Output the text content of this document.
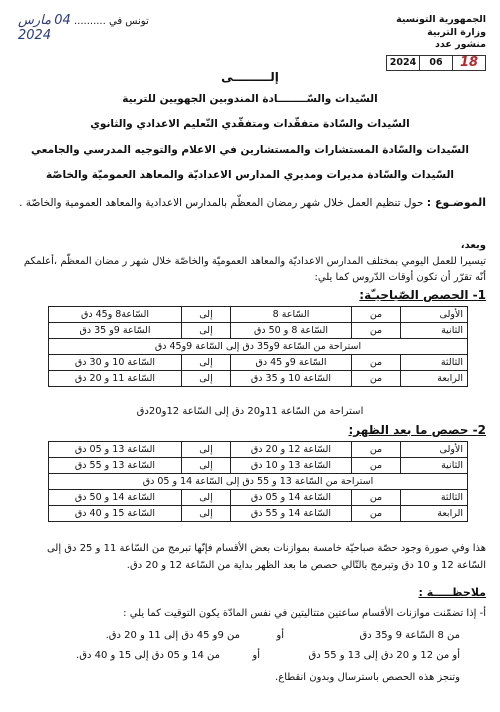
الجمهورية التونسية
وزارة التربية
منشور عدد
18
06
2024
تونس في .......... 04 مارس 2024
إلـــــــــى
السّيدات والسّــــــــادة المندوبين الجهويين للتربية
السّيدات والسّادة متفقّدات ومتفقّدي التّعليم الاعدادي والثانوي
السّيدات والسّادة المستشارات والمستشارين في الاعلام والتوجيه المدرسي والجامعي
السّيدات والسّادة مديرات ومديري المدارس الاعداديّة والمعاهد العموميّة والخاصّة
الموضـوع : حول تنظيم العمل خلال شهر رمضان المعظّم بالمدارس الاعدادية والمعاهد العمومية والخاصّة .
وبعد،
تيسيرا للعمل اليومي بمختلف المدارس الاعداديّة والمعاهد العموميّة والخاصّة خلال شهر ر مضان المعظّم ،أعلمكم
أنّه تقرّر أن تكون أوقات الدّروس كما يلي:
1- الحصص الصّباحيـّة:
الأولى	من	السّاعة 8	إلى	السّاعة8 و45 دق
الثانية	من	السّاعة 8 و 50 دق	إلى	السّاعة 9و 35 دق
استراحة من السّاعة 9و35 دق إلى السّاعة 9و45 دق				
الثالثة	من	السّاعة 9و 45 دق	إلى	السّاعة 10 و 30 دق
الرابعة	من	السّاعة 10 و 35 دق	إلى	السّاعة 11 و 20 دق
استراحة من السّاعة 11و20 دق إلى السّاعة 12و20دق
2- حصص ما بعد الظهر:
الأولى	من	السّاعة 12 و 20 دق	إلى	السّاعة 13 و 05 دق
الثانية	من	السّاعة 13 و 10 دق	إلى	السّاعة 13 و 55 دق
استراحة من السّاعة 13 و 55 دق إلى السّاعة 14 و 05 دق				
الثالثة	من	السّاعة 14 و 05 دق	إلى	السّاعة 14 و 50 دق
الرابعة	من	السّاعة 14 و 55 دق	إلى	السّاعة 15 و 40 دق
هذا وفي صورة وجود حصّة صباحيّة خامسة بموازنات بعض الأقسام فإنّها تبرمج من السّاعة 11 و 25 دق إلى
السّاعة 12 و 10 دق وتبرمج بالتّالي حصص ما بعد الظهر بداية من السّاعة 12 و 20 دق.
ملاحظـــــة :
أ- إذا تضمّنت موازنات الأقسام ساعتين متتاليتين في نفس المادّة يكون التوقيت كما يلي :
من 8 السّاعة 9 و35 دق
أو
من 9و 45 دق إلى 11 و 20 دق.
أو من 12 و 20 دق إلى 13 و 55 دق
أو
من 14 و 05 دق إلى 15 و 40 دق.
وتنجز هذه الحصص باسترسال وبدون انقطاع.
